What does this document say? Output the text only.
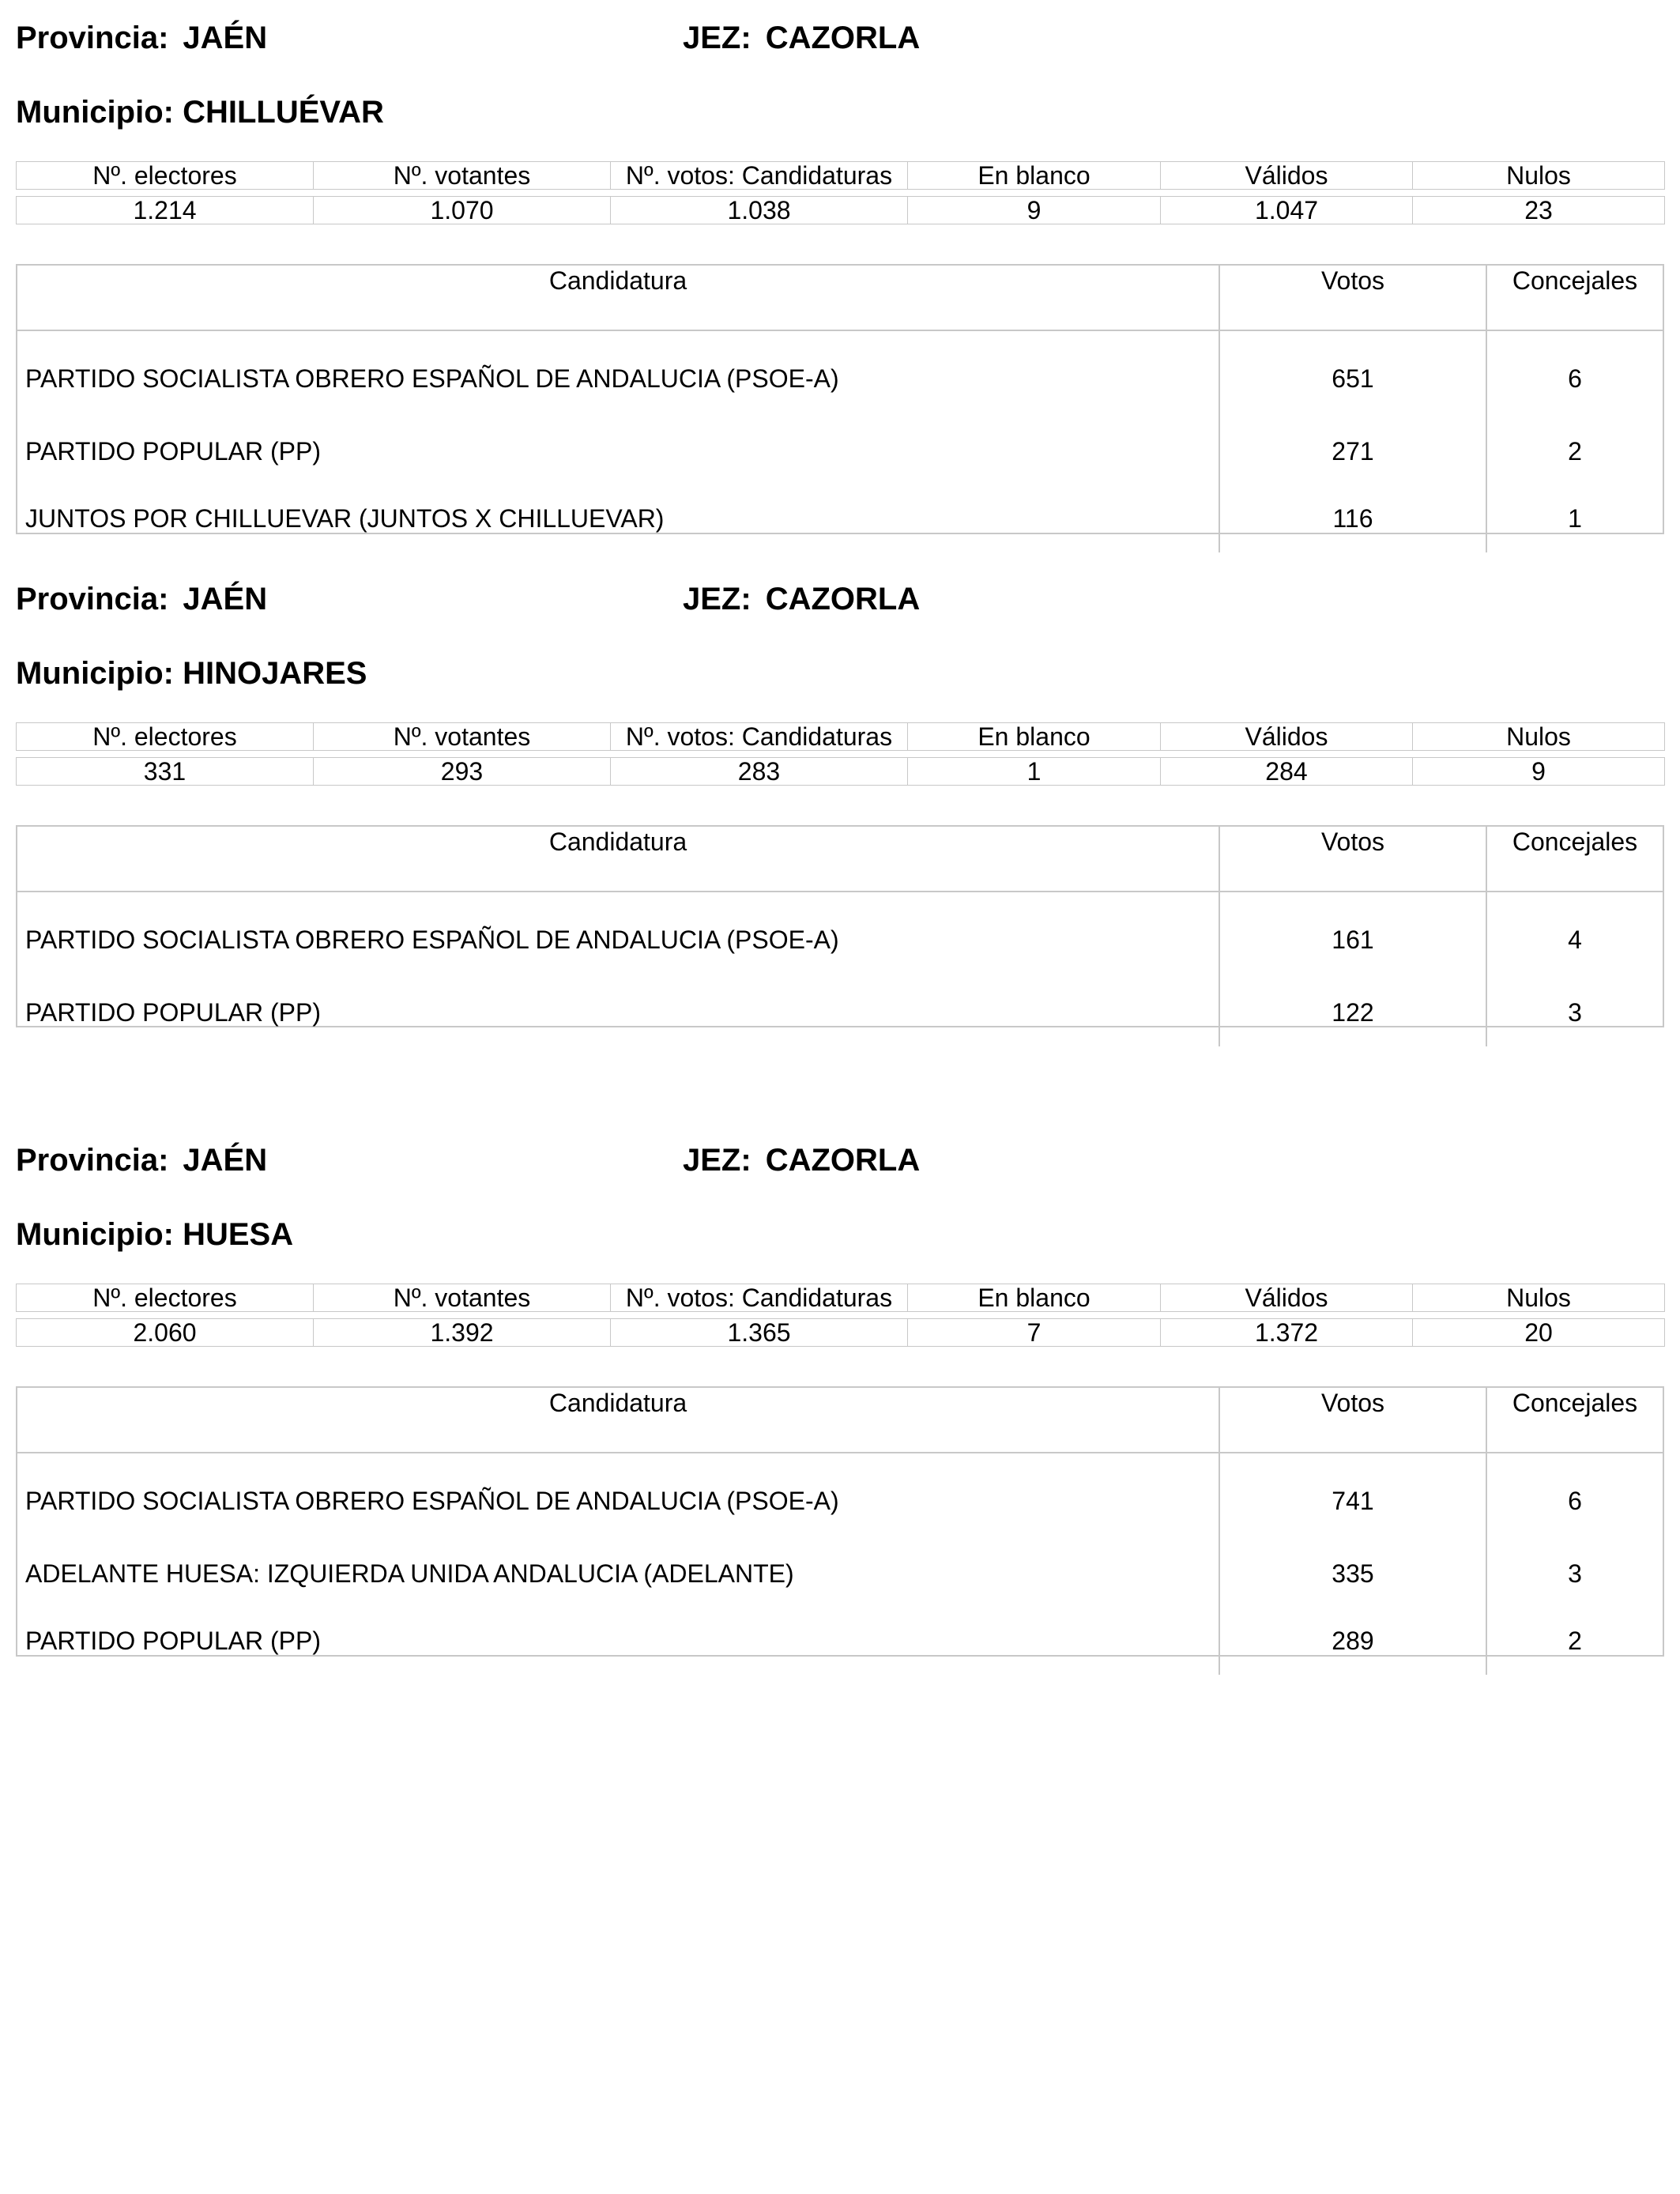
Provincia: JAÉN	JEZ: CAZORLA
Municipio: CHILLUÉVAR
Nº. electores	Nº. votantes	Nº. votos: Candidaturas	En blanco	Válidos	Nulos

1.214	1.070	1.038	9	1.047	23
Candidatura	Votos	Concejales
PARTIDO SOCIALISTA OBRERO ESPAÑOL DE ANDALUCIA (PSOE-A)	651	6
PARTIDO POPULAR (PP)	271	2
JUNTOS POR CHILLUEVAR (JUNTOS X CHILLUEVAR)	116	1
Provincia: JAÉN	JEZ: CAZORLA
Municipio: HINOJARES
Nº. electores	Nº. votantes	Nº. votos: Candidaturas	En blanco	Válidos	Nulos

331	293	283	1	284	9
Candidatura	Votos	Concejales
PARTIDO SOCIALISTA OBRERO ESPAÑOL DE ANDALUCIA (PSOE-A)	161	4
PARTIDO POPULAR (PP)	122	3
Provincia: JAÉN	JEZ: CAZORLA
Municipio: HUESA
Nº. electores	Nº. votantes	Nº. votos: Candidaturas	En blanco	Válidos	Nulos

2.060	1.392	1.365	7	1.372	20
Candidatura	Votos	Concejales
PARTIDO SOCIALISTA OBRERO ESPAÑOL DE ANDALUCIA (PSOE-A)	741	6
ADELANTE HUESA: IZQUIERDA UNIDA ANDALUCIA (ADELANTE)	335	3
PARTIDO POPULAR (PP)	289	2
